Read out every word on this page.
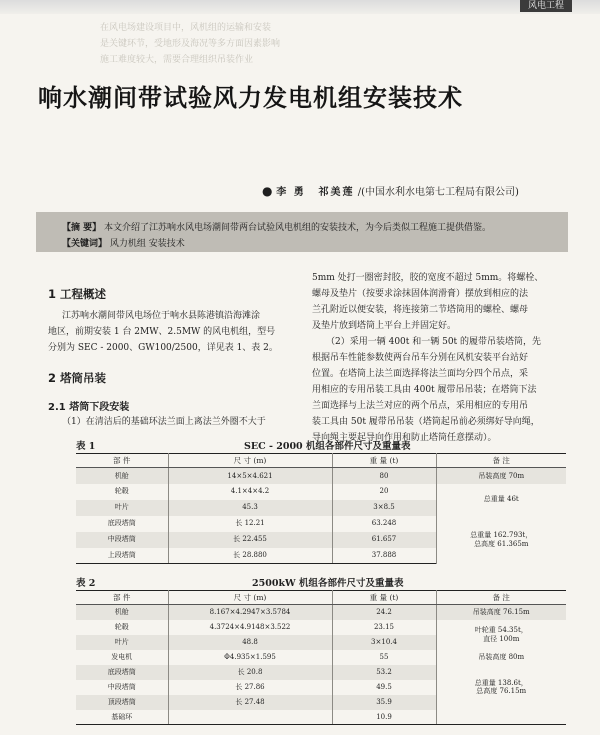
风电工程
在风电场建设项目中，风机组的运输和安装
是关键环节，受地形及海况等多方面因素影响
施工难度较大，需要合理组织吊装作业
响水潮间带试验风力发电机组安装技术
● 李 勇 祁美莲 /(中国水利水电第七工程局有限公司)
【摘 要】 本文介绍了江苏响水风电场潮间带两台试验风电机组的安装技术，为今后类似工程施工提供借鉴。
【关键词】 风力机组 安装技术
1 工程概述
江苏响水潮间带风电场位于响水县陈港镇沿海滩涂
地区，前期安装 1 台 2MW、2.5MW 的风电机组，型号
分别为 SEC - 2000、GW100/2500，详见表 1、表 2。
2 塔筒吊装
2.1 塔筒下段安装
（1）在清洁后的基础环法兰面上离法兰外圈不大于
5mm 处打一圈密封胶，胶的宽度不超过 5mm。将螺栓、
螺母及垫片（按要求涂抹固体润滑膏）摆放到相应的法
兰孔附近以便安装，将连接第二节塔筒用的螺栓、螺母
及垫片放到塔筒上平台上并固定好。
（2）采用一辆 400t 和一辆 50t 的履带吊装塔筒，先
根据吊车性能参数使两台吊车分别在风机安装平台站好
位置。在塔筒上法兰面选择将法兰面均分四个吊点，采
用相应的专用吊装工具由 400t 履带吊吊装；在塔筒下法
兰面选择与上法兰对应的两个吊点，采用相应的专用吊
装工具由 50t 履带吊吊装（塔筒起吊前必须绑好导向绳，
导向绳主要起导向作用和防止塔筒任意摆动）。
表 1	SEC - 2000 机组各部件尺寸及重量表
部 件	尺 寸 (m)	重 量 (t)	备 注
机舱	14×5×4.621	80	吊装高度 70m
轮毂	4.1×4×4.2	20	总重量 46t
叶片	45.3	3×8.5	
底段塔筒	长 12.21	63.248	总重量 162.793t，
总高度 61.365m

中段塔筒	长 22.455	61.657	
上段塔筒	长 28.880	37.888	
表 2	2500kW 机组各部件尺寸及重量表
部 件	尺 寸 (m)	重 量 (t)	备 注
机舱	8.167×4.2947×3.5784	24.2	吊装高度 76.15m
轮毂	4.3724×4.9148×3.522	23.15	叶轮重 54.35t，
直径 100m

叶片	48.8	3×10.4	
发电机	Φ4.935×1.595	55	吊装高度 80m
底段塔筒	长 20.8	53.2	总重量 138.6t，
总高度 76.15m

中段塔筒	长 27.86	49.5	
顶段塔筒	长 27.48	35.9	
基础环		10.9	
